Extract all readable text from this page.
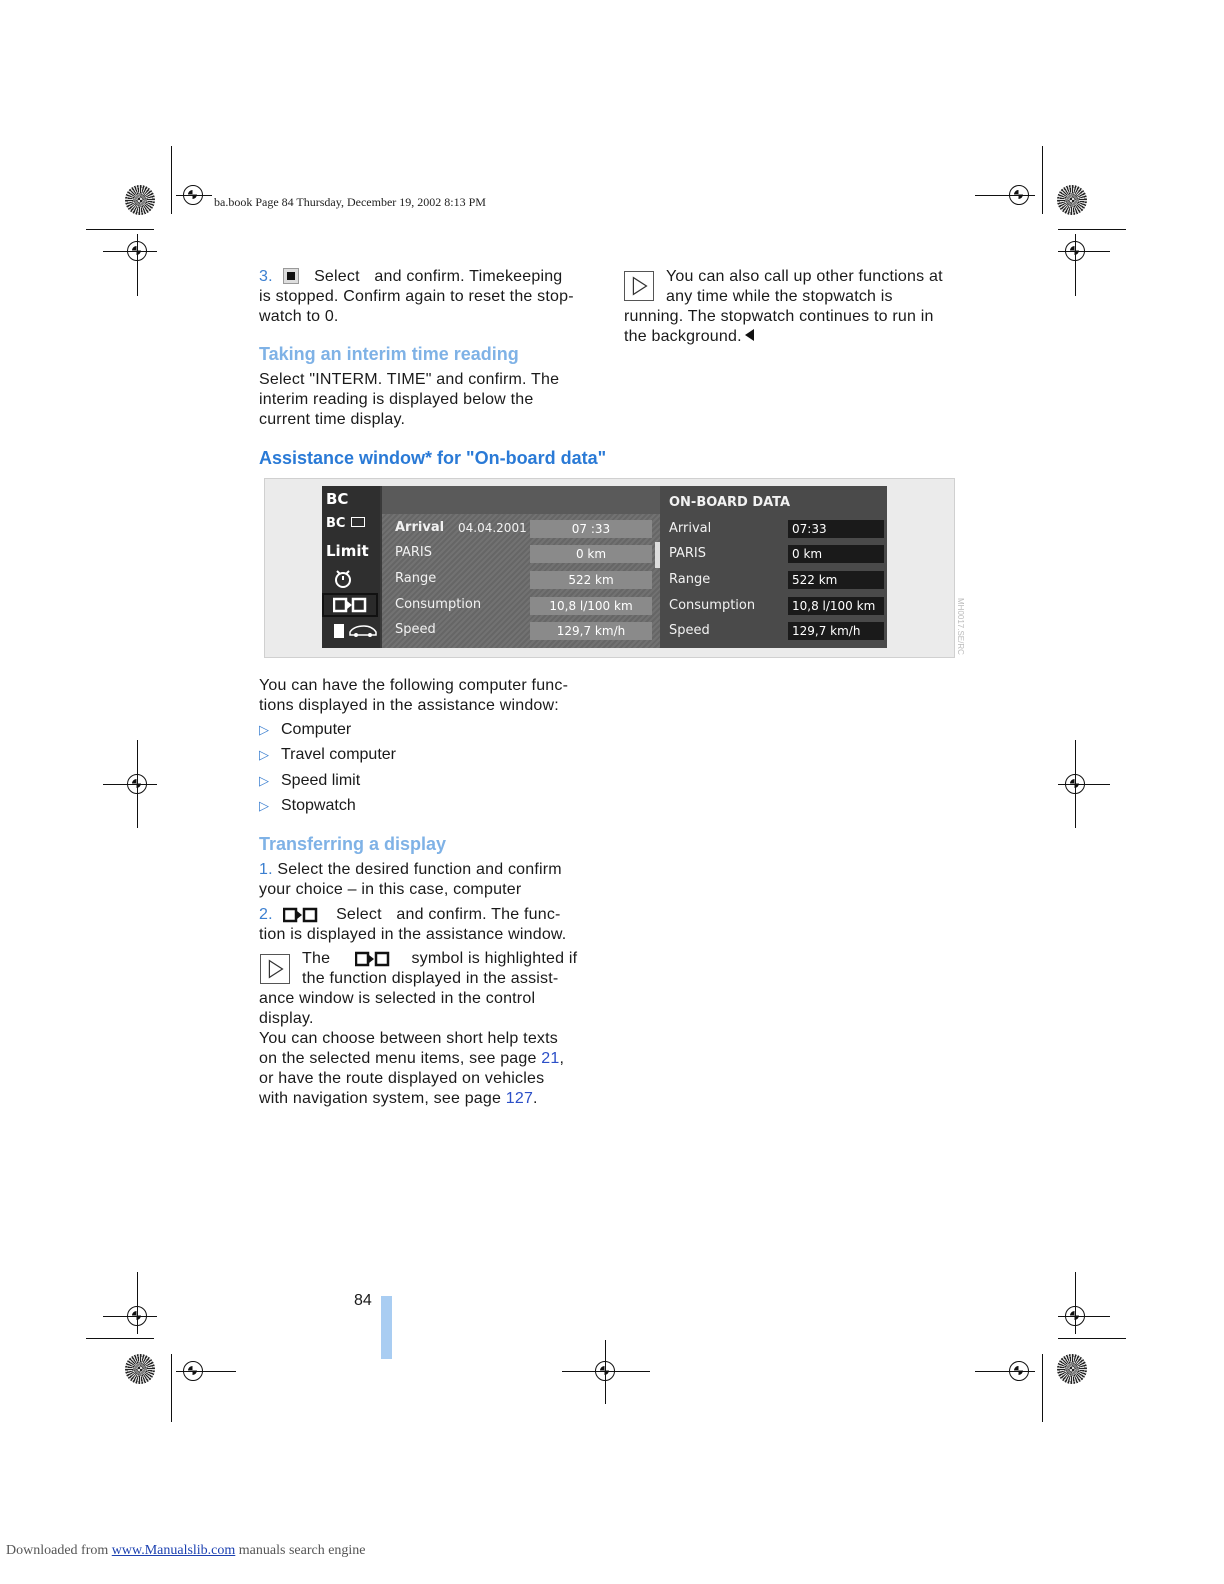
ba.book Page 84 Thursday, December 19, 2002 8:13 PM
3.	Select and confirm. Timekeeping
is stopped. Confirm again to reset the stop-
watch to 0.
Taking an interim time reading
Select "INTERM. TIME" and confirm. The
interim reading is displayed below the
current time display.
You can also call up other functions at
any time while the stopwatch is
running. The stopwatch continues to run in
the background.
Assistance window* for "On-board data"
BC
BC
Limit
Arrival 04.04.2001	07 :33
PARIS	0 km
Range	522 km
Consumption	10,8 l/100 km
Speed	129,7 km/h
ON-BOARD DATA
Arrival	07:33
PARIS	0 km
Range	522 km
Consumption	10,8 l/100 km
Speed	129,7 km/h	MH0017.SE/RC
You can have the following computer func-
tions displayed in the assistance window:
▷ Computer
▷ Travel computer
▷ Speed limit
▷ Stopwatch
Transferring a display
1. Select the desired function and confirm
your choice – in this case, computer
2.	Select and confirm. The func-
tion is displayed in the assistance window.
The	symbol is highlighted if
the function displayed in the assist-
ance window is selected in the control
display.
You can choose between short help texts
on the selected menu items, see page 21,
or have the route displayed on vehicles
with navigation system, see page 127.
84
Downloaded from www.Manualslib.com manuals search engine
